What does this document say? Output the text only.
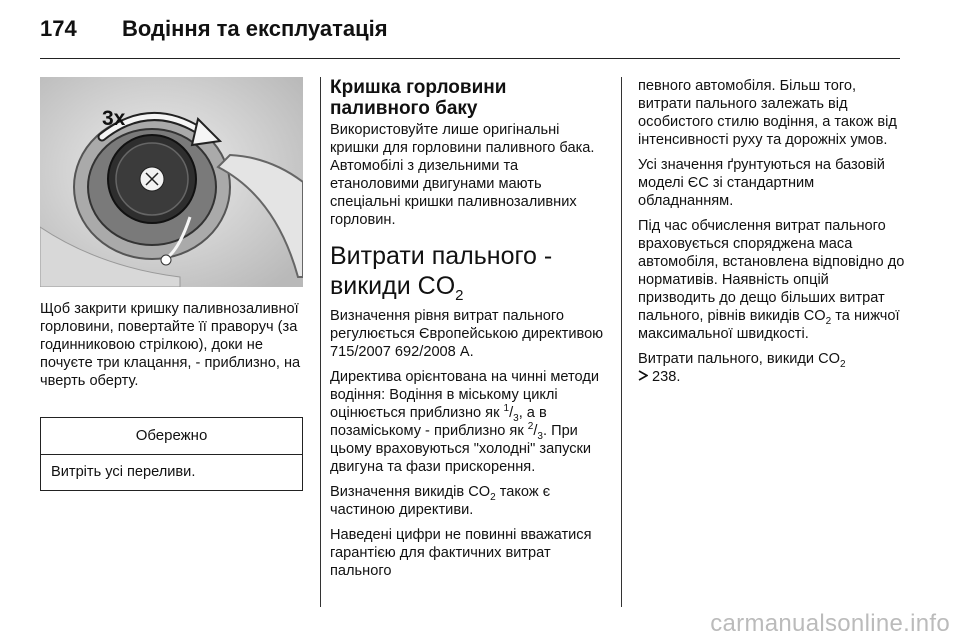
174 Водіння та експлуатація
3x

Щоб закрити кришку паливнозаливної горловини, повертайте її праворуч (за годинниковою стрілкою), доки не почуєте три клацання, - приблизно, на чверть оберту.

Обережно
Витріть усі переливи.
Кришка горловини паливного баку

Використовуйте лише оригінальні кришки для горловини паливного бака. Автомобілі з дизельними та етаноловими двигунами мають спеціальні кришки паливнозаливних горловин.

Витрати пального - викиди $CO_2$

Визначення рівня витрат пального регулюється Європейською директивою 715/2007 692/2008 A.

Директива орієнтована на чинні методи водіння: Водіння в міському циклі оцінюється приблизно як $^1/_3$, а в позаміському - приблизно як $^2/_3$. При цьому враховуються "холодні" запуски двигуна та фази прискорення.

Визначення викидів $CO_2$ також є частиною директиви.

Наведені цифри не повинні вважатися гарантією для фактичних витрат пального

певного автомобіля. Більш того, витрати пального залежать від особистого стилю водіння, а також від інтенсивності руху та дорожніх умов.

Усі значення ґрунтуються на базовій моделі ЄС зі стандартним обладнанням.

Під час обчислення витрат пального враховується споряджена маса автомобіля, встановлена відповідно до нормативів. Наявність опцій призводить до дещо більших витрат пального, рівнів викидів $CO_2$ та нижчої максимальної швидкості.

Витрати пального, викиди $CO_2$
238.

carmanualsonline.info
